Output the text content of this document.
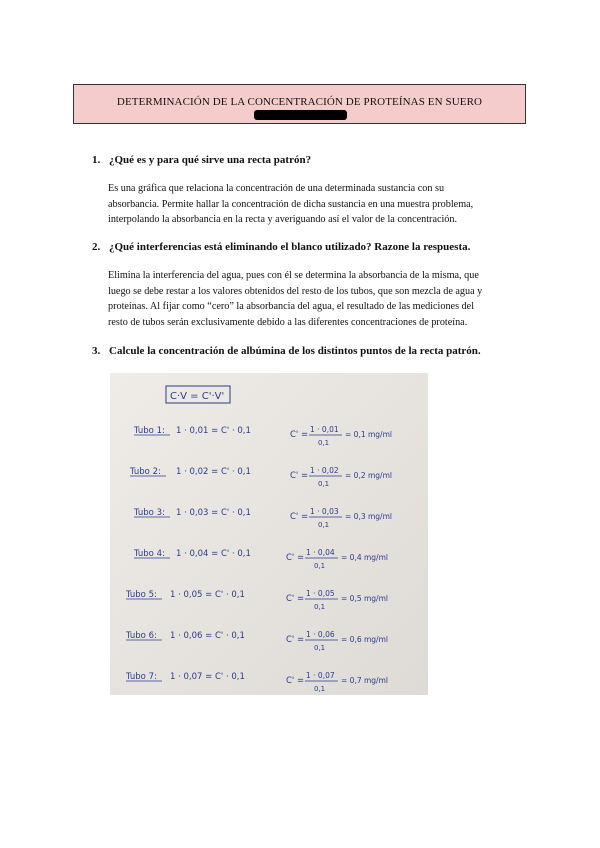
DETERMINACIÓN DE LA CONCENTRACIÓN DE PROTEÍNAS EN SUERO
1. ¿Qué es y para qué sirve una recta patrón?
Es una gráfica que relaciona la concentración de una determinada sustancia con su
absorbancia. Permite hallar la concentración de dicha sustancia en una muestra problema,
interpolando la absorbancia en la recta y averiguando así el valor de la concentración.
2. ¿Qué interferencias está eliminando el blanco utilizado? Razone la respuesta.
Elimina la interferencia del agua, pues con él se determina la absorbancia de la misma, que
luego se debe restar a los valores obtenidos del resto de los tubos, que son mezcla de agua y
proteínas. Al fijar como “cero” la absorbancia del agua, el resultado de las mediciones del
resto de tubos serán exclusivamente debido a las diferentes concentraciones de proteína.
3. Calcule la concentración de albúmina de los distintos puntos de la recta patrón.
C·V = C'·V'
Tubo 1: 1 · 0,01 = C' · 0,1	C' =
1 · 0,01
0,1
= 0,1 mg/ml
Tubo 2: 1 · 0,02 = C' · 0,1	C' =
1 · 0,02
0,1
= 0,2 mg/ml
Tubo 3: 1 · 0,03 = C' · 0,1	C' =
1 · 0,03
0,1
= 0,3 mg/ml
Tubo 4: 1 · 0,04 = C' · 0,1	C' =
1 · 0,04
0,1
= 0,4 mg/ml
Tubo 5: 1 · 0,05 = C' · 0,1	C' =
1 · 0,05
0,1
= 0,5 mg/ml
Tubo 6: 1 · 0,06 = C' · 0,1	C' =
1 · 0,06
0,1
= 0,6 mg/ml
Tubo 7: 1 · 0,07 = C' · 0,1	C' =
1 · 0,07
0,1
= 0,7 mg/ml
